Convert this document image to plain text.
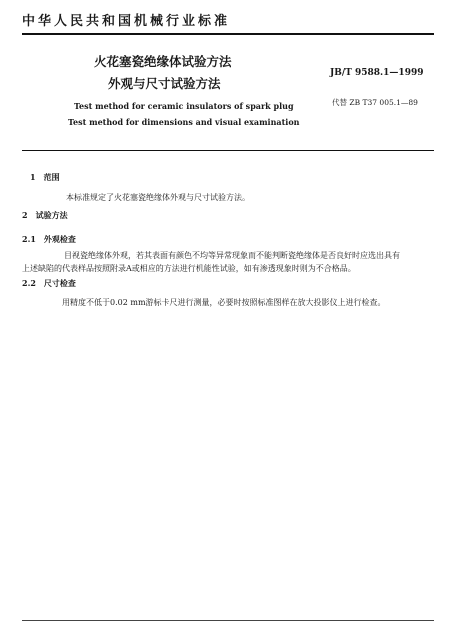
中华人民共和国机械行业标准
火花塞瓷绝缘体试验方法
外观与尺寸试验方法
JB/T 9588.1—1999
代替 ZB T37 005.1—89
Test method for ceramic insulators of spark plug
Test method for dimensions and visual examination
1　范围
本标准规定了火花塞瓷绝缘体外观与尺寸试验方法。
2　试验方法
2.1　外观检查
目视瓷绝缘体外观，若其表面有颜色不均等异常现象而不能判断瓷绝缘体是否良好时应选出具有
上述缺陷的代表样品按照附录A或相应的方法进行机能性试验，如有渗透现象时则为不合格品。
2.2　尺寸检查
用精度不低于0.02 mm游标卡尺进行测量，必要时按照标准图样在放大投影仪上进行检查。
